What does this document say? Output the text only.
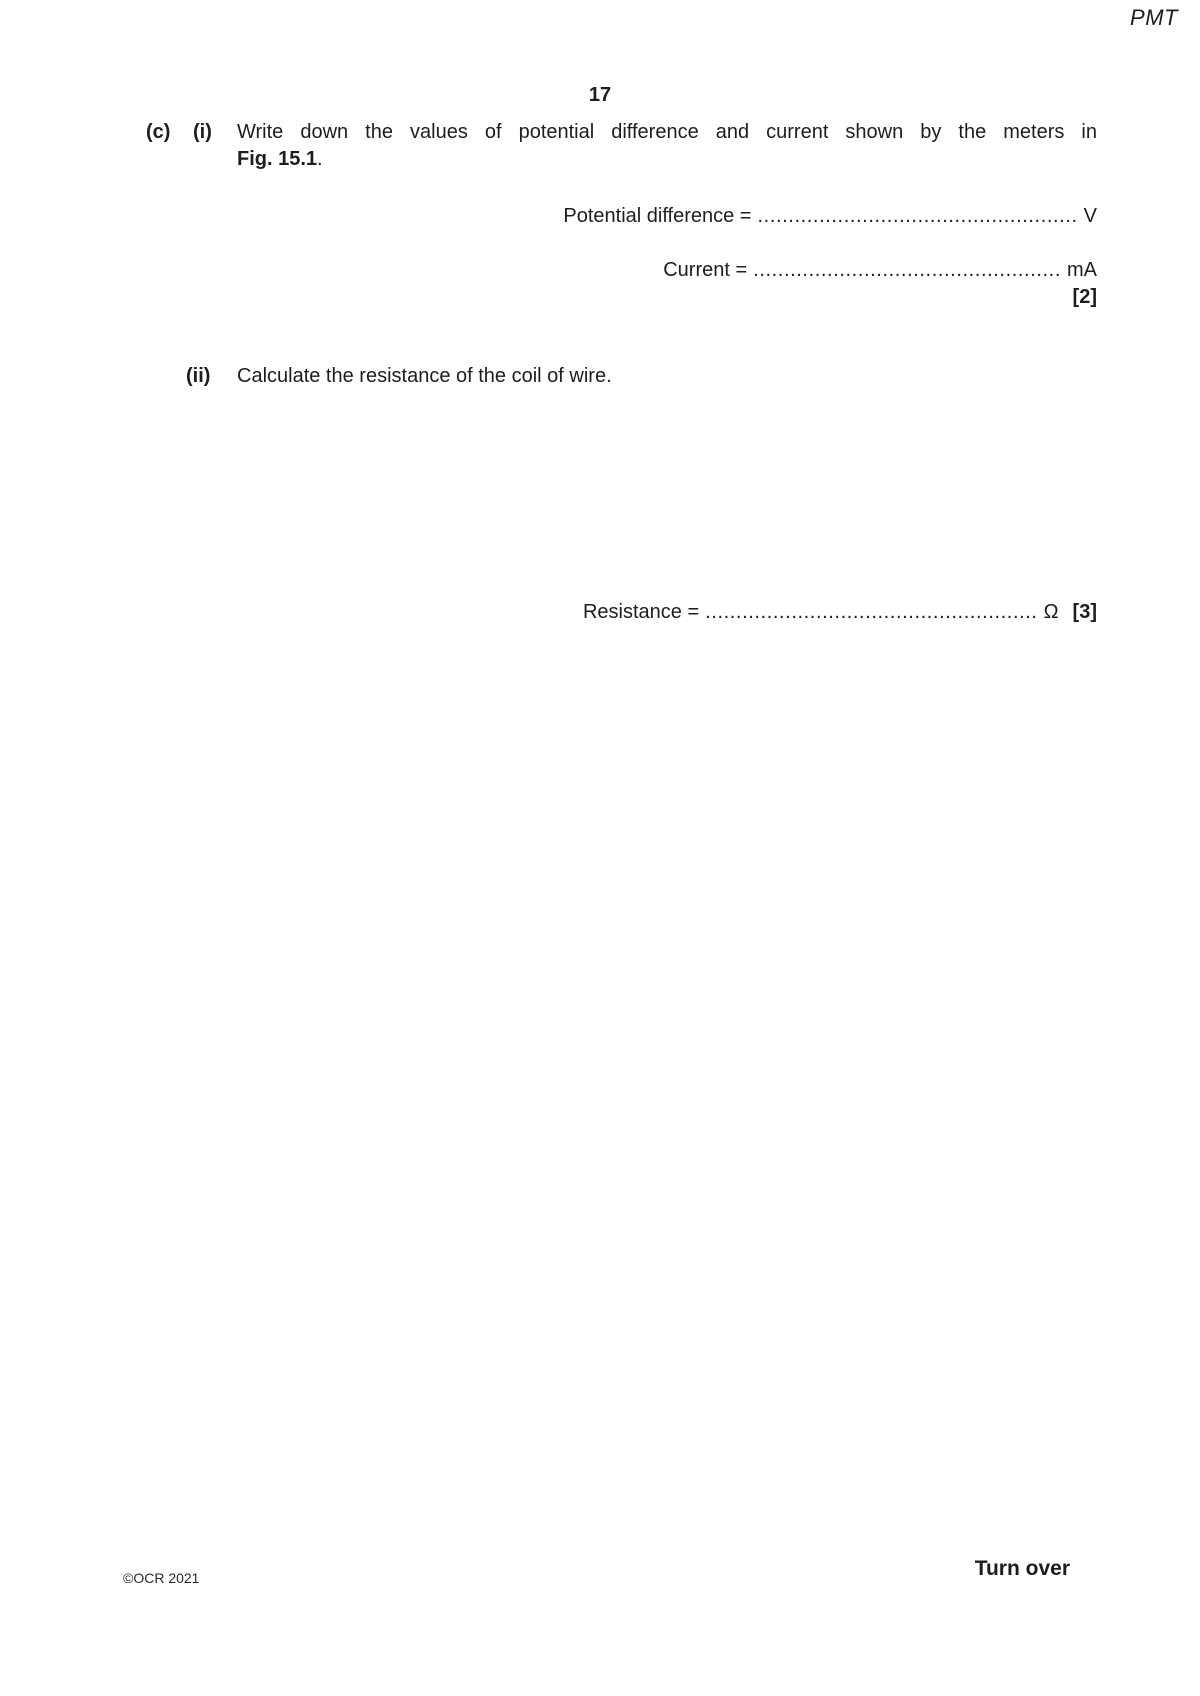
PMT
17
(c)	(i)	Write down the values of potential difference and current shown by the meters in
Fig. 15.1.
Potential difference = .................................................... V
Current = .................................................. mA
[2]
(ii)	Calculate the resistance of the coil of wire.
Resistance = ...................................................... Ω [3]
©OCR 2021	Turn over
